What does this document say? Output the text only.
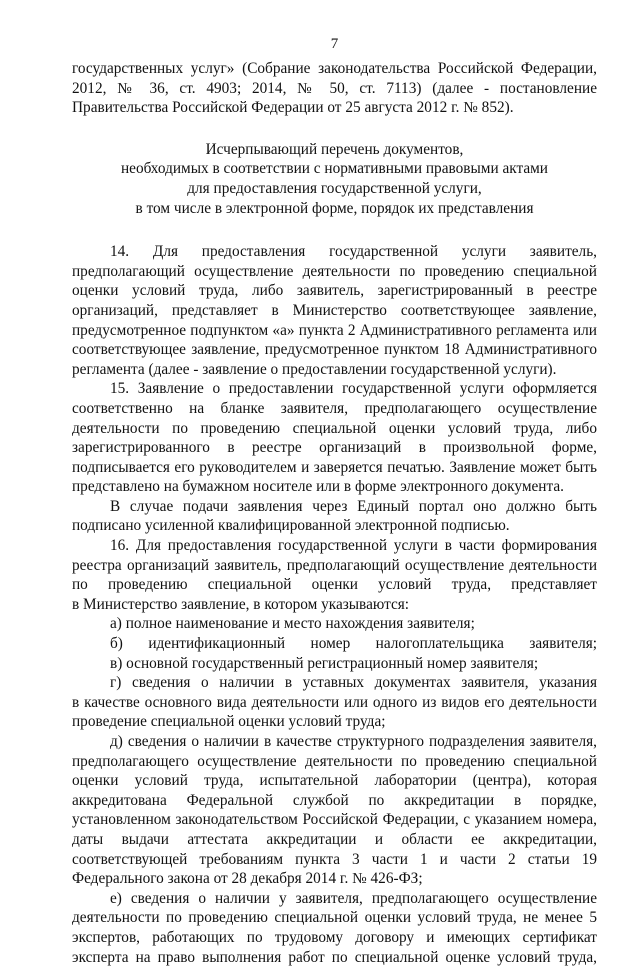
7
государственных услуг» (Собрание законодательства Российской Федерации,
2012, № 36, ст. 4903; 2014, № 50, ст. 7113) (далее - постановление
Правительства Российской Федерации от 25 августа 2012 г. № 852).
Исчерпывающий перечень документов,
необходимых в соответствии с нормативными правовыми актами
для предоставления государственной услуги,
в том числе в электронной форме, порядок их представления
14. Для предоставления государственной услуги заявитель,
предполагающий осуществление деятельности по проведению специальной
оценки условий труда, либо заявитель, зарегистрированный в реестре
организаций, представляет в Министерство соответствующее заявление,
предусмотренное подпунктом «а» пункта 2 Административного регламента или
соответствующее заявление, предусмотренное пунктом 18 Административного
регламента (далее - заявление о предоставлении государственной услуги).
15. Заявление о предоставлении государственной услуги оформляется
соответственно на бланке заявителя, предполагающего осуществление
деятельности по проведению специальной оценки условий труда, либо
зарегистрированного в реестре организаций в произвольной форме,
подписывается его руководителем и заверяется печатью. Заявление может быть
представлено на бумажном носителе или в форме электронного документа.
В случае подачи заявления через Единый портал оно должно быть
подписано усиленной квалифицированной электронной подписью.
16. Для предоставления государственной услуги в части формирования
реестра организаций заявитель, предполагающий осуществление деятельности
по проведению специальной оценки условий труда, представляет
в Министерство заявление, в котором указываются:
а) полное наименование и место нахождения заявителя;
б) идентификационный номер налогоплательщика заявителя;
в) основной государственный регистрационный номер заявителя;
г) сведения о наличии в уставных документах заявителя, указания
в качестве основного вида деятельности или одного из видов его деятельности
проведение специальной оценки условий труда;
д) сведения о наличии в качестве структурного подразделения заявителя,
предполагающего осуществление деятельности по проведению специальной
оценки условий труда, испытательной лаборатории (центра), которая
аккредитована Федеральной службой по аккредитации в порядке,
установленном законодательством Российской Федерации, с указанием номера,
даты выдачи аттестата аккредитации и области ее аккредитации,
соответствующей требованиям пункта 3 части 1 и части 2 статьи 19
Федерального закона от 28 декабря 2014 г. № 426-ФЗ;
е) сведения о наличии у заявителя, предполагающего осуществление
деятельности по проведению специальной оценки условий труда, не менее 5
экспертов, работающих по трудовому договору и имеющих сертификат
эксперта на право выполнения работ по специальной оценке условий труда,
